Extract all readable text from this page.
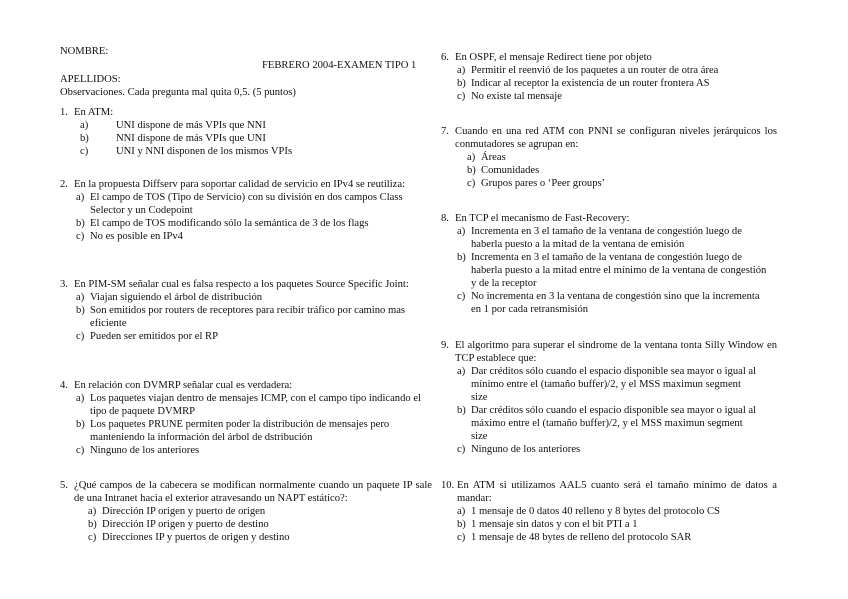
NOMBRE:
FEBRERO 2004-EXAMEN TIPO 1
APELLIDOS:
Observaciones. Cada pregunta mal quita 0,5. (5 puntos)
1. En ATM:
a)	UNI dispone de más VPIs que NNI
b)	NNI dispone de más VPIs que UNI
c)	UNI y NNI disponen de los mismos VPIs
2. En la propuesta Diffserv para soportar calidad de servicio en IPv4 se reutiliza:
a) El campo de TOS (Tipo de Servicio) con su división en dos campos Class Selector y un Codepoint
b) El campo de TOS modificando sólo la semántica de 3 de los flags
c) No es posible en IPv4
3. En PIM-SM señalar cual es falsa respecto a los paquetes Source Specific Joint:
a) Viajan siguiendo el árbol de distribución
b) Son emitidos por routers de receptores para recibir tráfico por camino mas eficiente
c) Pueden ser emitidos por el RP
4. En relación con DVMRP señalar cual es verdadera:
a) Los paquetes viajan dentro de mensajes ICMP, con el campo tipo indicando el tipo de paquete DVMRP
b) Los paquetes PRUNE permiten poder la distribución de mensajes pero manteniendo la información del árbol de dstribución
c) Ninguno de los anteriores
5. ¿Qué campos de la cabecera se modifican normalmente cuando un paquete IP sale de una Intranet hacia el exterior atravesando un NAPT estático?:
a) Dirección IP origen y puerto de origen
b) Dirección IP origen y puerto de destino
c) Direcciones IP y puertos de origen y destino
6. En OSPF, el mensaje Redirect tiene por objeto
a) Permitir el reenvió de los paquetes a un router de otra área
b) Indicar al receptor la existencia de un router frontera AS
c) No existe tal mensaje
7. Cuando en una red ATM con PNNI se configuran niveles jerárquicos los conmutadores se agrupan en:
a) Áreas
b) Comunidades
c) Grupos pares o ‘Peer groups’
8. En TCP el mecanismo de Fast-Recovery:
a) Incrementa en 3 el tamaño de la ventana de congestión luego de haberla puesto a la mitad de la ventana de emisión
b) Incrementa en 3 el tamaño de la ventana de congestión luego de haberla puesto a la mitad entre el mínimo de la ventana de congestión y de la receptor
c) No incrementa en 3 la ventana de congestión sino que la incrementa en 1 por cada retransmisión
9. El algoritmo para superar el sindrome de la ventana tonta Silly Window en TCP establece que:
a) Dar créditos sólo cuando el espacio disponible sea mayor o igual al mínimo entre el (tamaño buffer)/2, y el MSS maximun segment size
b) Dar créditos sólo cuando el espacio disponible sea mayor o igual al máximo entre el (tamaño buffer)/2, y el MSS maximun segment size
c) Ninguno de los anteriores
10. En ATM si utilizamos AAL5 cuanto será el tamaño mínimo de datos a mandar:
a) 1 mensaje de 0 datos 40 relleno y 8 bytes del protocolo CS
b) 1 mensaje sin datos y con el bit PTI a 1
c) 1 mensaje de 48 bytes de relleno del protocolo SAR
